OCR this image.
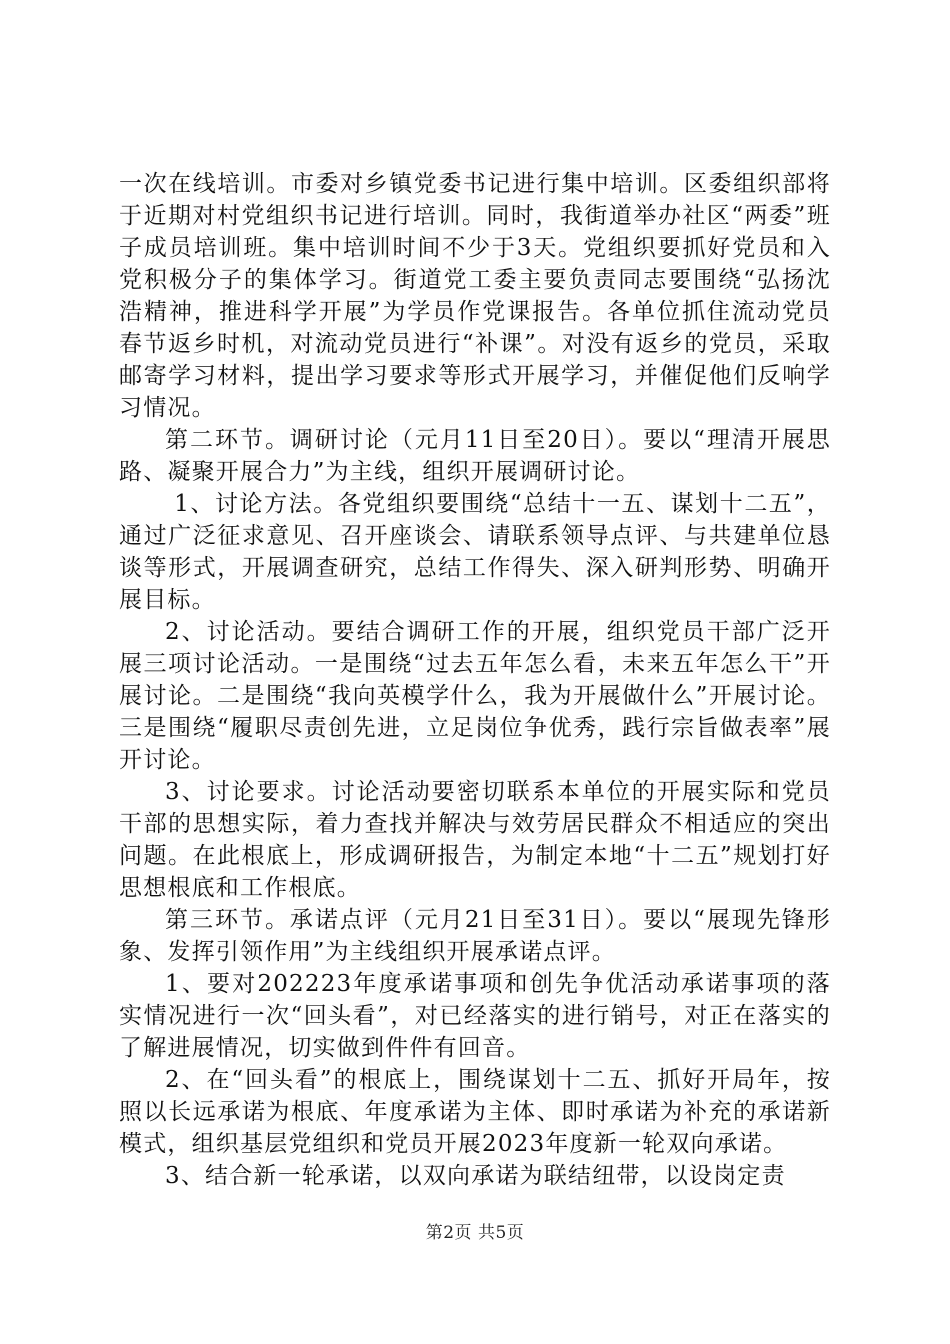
一次在线培训。市委对乡镇党委书记进行集中培训。区委组织部将于近期对村党组织书记进行培训。同时，我街道举办社区“两委”班子成员培训班。集中培训时间不少于3天。党组织要抓好党员和入党积极分子的集体学习。街道党工委主要负责同志要围绕“弘扬沈浩精神，推进科学开展”为学员作党课报告。各单位抓住流动党员春节返乡时机，对流动党员进行“补课”。对没有返乡的党员，采取邮寄学习材料，提出学习要求等形式开展学习，并催促他们反响学习情况。

第二环节。调研讨论（元月11日至20日）。要以“理清开展思路、凝聚开展合力”为主线，组织开展调研讨论。

1、讨论方法。各党组织要围绕“总结十一五、谋划十二五”，通过广泛征求意见、召开座谈会、请联系领导点评、与共建单位恳谈等形式，开展调查研究，总结工作得失、深入研判形势、明确开展目标。

2、讨论活动。要结合调研工作的开展，组织党员干部广泛开展三项讨论活动。一是围绕“过去五年怎么看，未来五年怎么干”开展讨论。二是围绕“我向英模学什么，我为开展做什么”开展讨论。三是围绕“履职尽责创先进，立足岗位争优秀，践行宗旨做表率”展开讨论。

3、讨论要求。讨论活动要密切联系本单位的开展实际和党员干部的思想实际，着力查找并解决与效劳居民群众不相适应的突出问题。在此根底上，形成调研报告，为制定本地“十二五”规划打好思想根底和工作根底。

第三环节。承诺点评（元月21日至31日）。要以“展现先锋形象、发挥引领作用”为主线组织开展承诺点评。

1、要对202223年度承诺事项和创先争优活动承诺事项的落实情况进行一次“回头看”，对已经落实的进行销号，对正在落实的了解进展情况，切实做到件件有回音。

2、在“回头看”的根底上，围绕谋划十二五、抓好开局年，按照以长远承诺为根底、年度承诺为主体、即时承诺为补充的承诺新模式，组织基层党组织和党员开展2023年度新一轮双向承诺。

3、结合新一轮承诺，以双向承诺为联结纽带，以设岗定责

第2页 共5页
